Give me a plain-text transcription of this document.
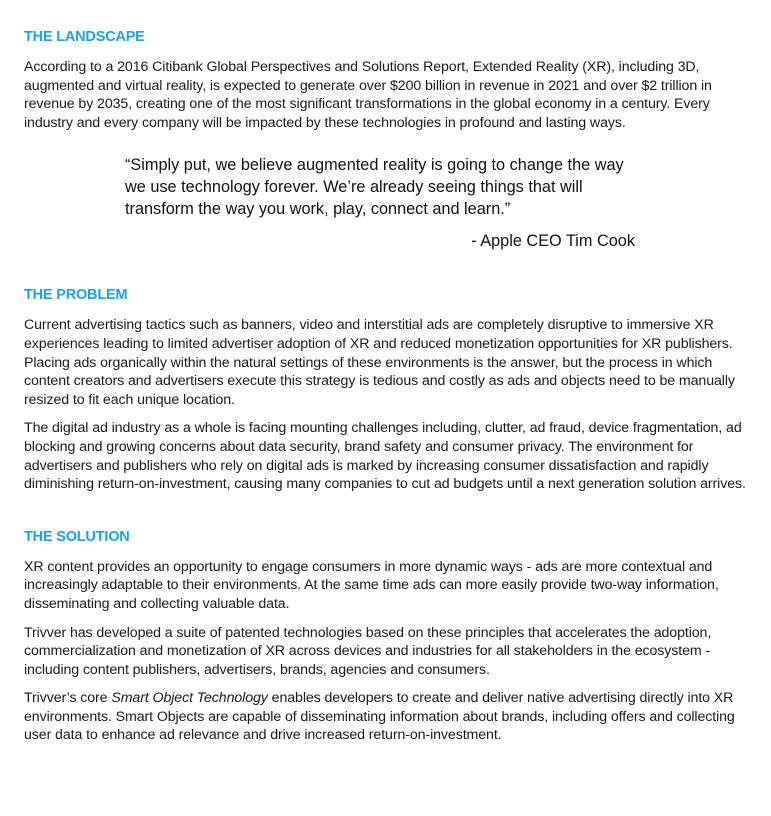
THE LANDSCAPE

According to a 2016 Citibank Global Perspectives and Solutions Report, Extended Reality (XR), including 3D, augmented and virtual reality, is expected to generate over $200 billion in revenue in 2021 and over $2 trillion in revenue by 2035, creating one of the most significant transformations in the global economy in a century. Every industry and every company will be impacted by these technologies in profound and lasting ways.

“Simply put, we believe augmented reality is going to change the way we use technology forever. We’re already seeing things that will transform the way you work, play, connect and learn.”

- Apple CEO Tim Cook

THE PROBLEM

Current advertising tactics such as banners, video and interstitial ads are completely disruptive to immersive XR experiences leading to limited advertiser adoption of XR and reduced monetization opportunities for XR publishers. Placing ads organically within the natural settings of these environments is the answer, but the process in which content creators and advertisers execute this strategy is tedious and costly as ads and objects need to be manually resized to fit each unique location.

The digital ad industry as a whole is facing mounting challenges including, clutter, ad fraud, device fragmentation, ad blocking and growing concerns about data security, brand safety and consumer privacy. The environment for advertisers and publishers who rely on digital ads is marked by increasing consumer dissatisfaction and rapidly diminishing return-on-investment, causing many companies to cut ad budgets until a next generation solution arrives.

THE SOLUTION

XR content provides an opportunity to engage consumers in more dynamic ways - ads are more contextual and increasingly adaptable to their environments. At the same time ads can more easily provide two-way information, disseminating and collecting valuable data.

Trivver has developed a suite of patented technologies based on these principles that accelerates the adoption, commercialization and monetization of XR across devices and industries for all stakeholders in the ecosystem - including content publishers, advertisers, brands, agencies and consumers.

Trivver’s core Smart Object Technology enables developers to create and deliver native advertising directly into XR environments. Smart Objects are capable of disseminating information about brands, including offers and collecting user data to enhance ad relevance and drive increased return-on-investment.
